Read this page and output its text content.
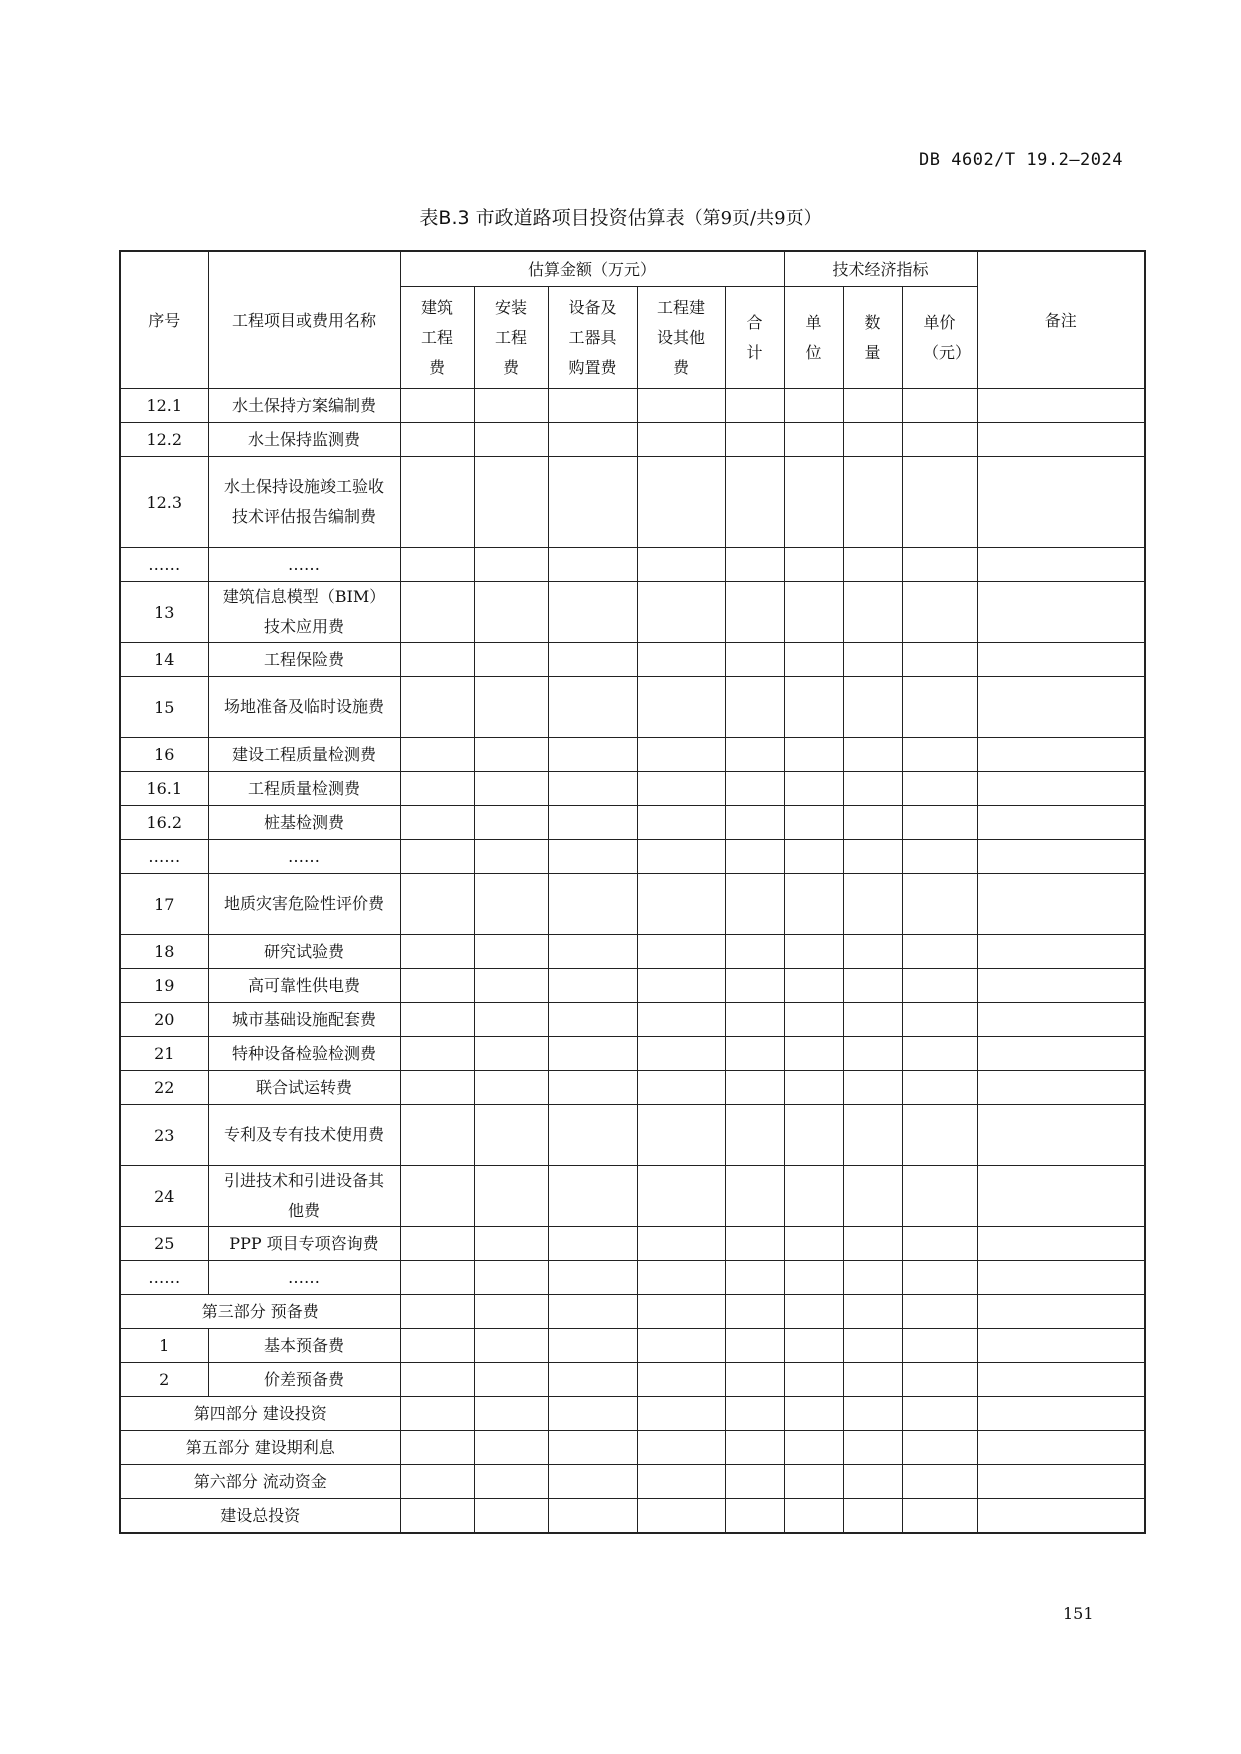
DB 4602/T 19.2—2024
表B.3 市政道路项目投资估算表（第9页/共9页）
序号	工程项目或费用名称	估算金额（万元）					技术经济指标			备注
		建筑工程费	安装工程费	设备及工器具购置费	工程建设其他费	合计	单位	数量	单价（元）	
12.1	水土保持方案编制费									
12.2	水土保持监测费									
12.3	水土保持设施竣工验收技术评估报告编制费									
……	……									
13	建筑信息模型（BIM）技术应用费									
14	工程保险费									
15	场地准备及临时设施费									
16	建设工程质量检测费									
16.1	工程质量检测费									
16.2	桩基检测费									
……	……									
17	地质灾害危险性评价费									
18	研究试验费									
19	高可靠性供电费									
20	城市基础设施配套费									
21	特种设备检验检测费									
22	联合试运转费									
23	专利及专有技术使用费									
24	引进技术和引进设备其他费									
25	PPP 项目专项咨询费									
……	……									
第三部分 预备费										
1	基本预备费									
2	价差预备费									
第四部分 建设投资										
第五部分 建设期利息										
第六部分 流动资金										
建设总投资										
151
